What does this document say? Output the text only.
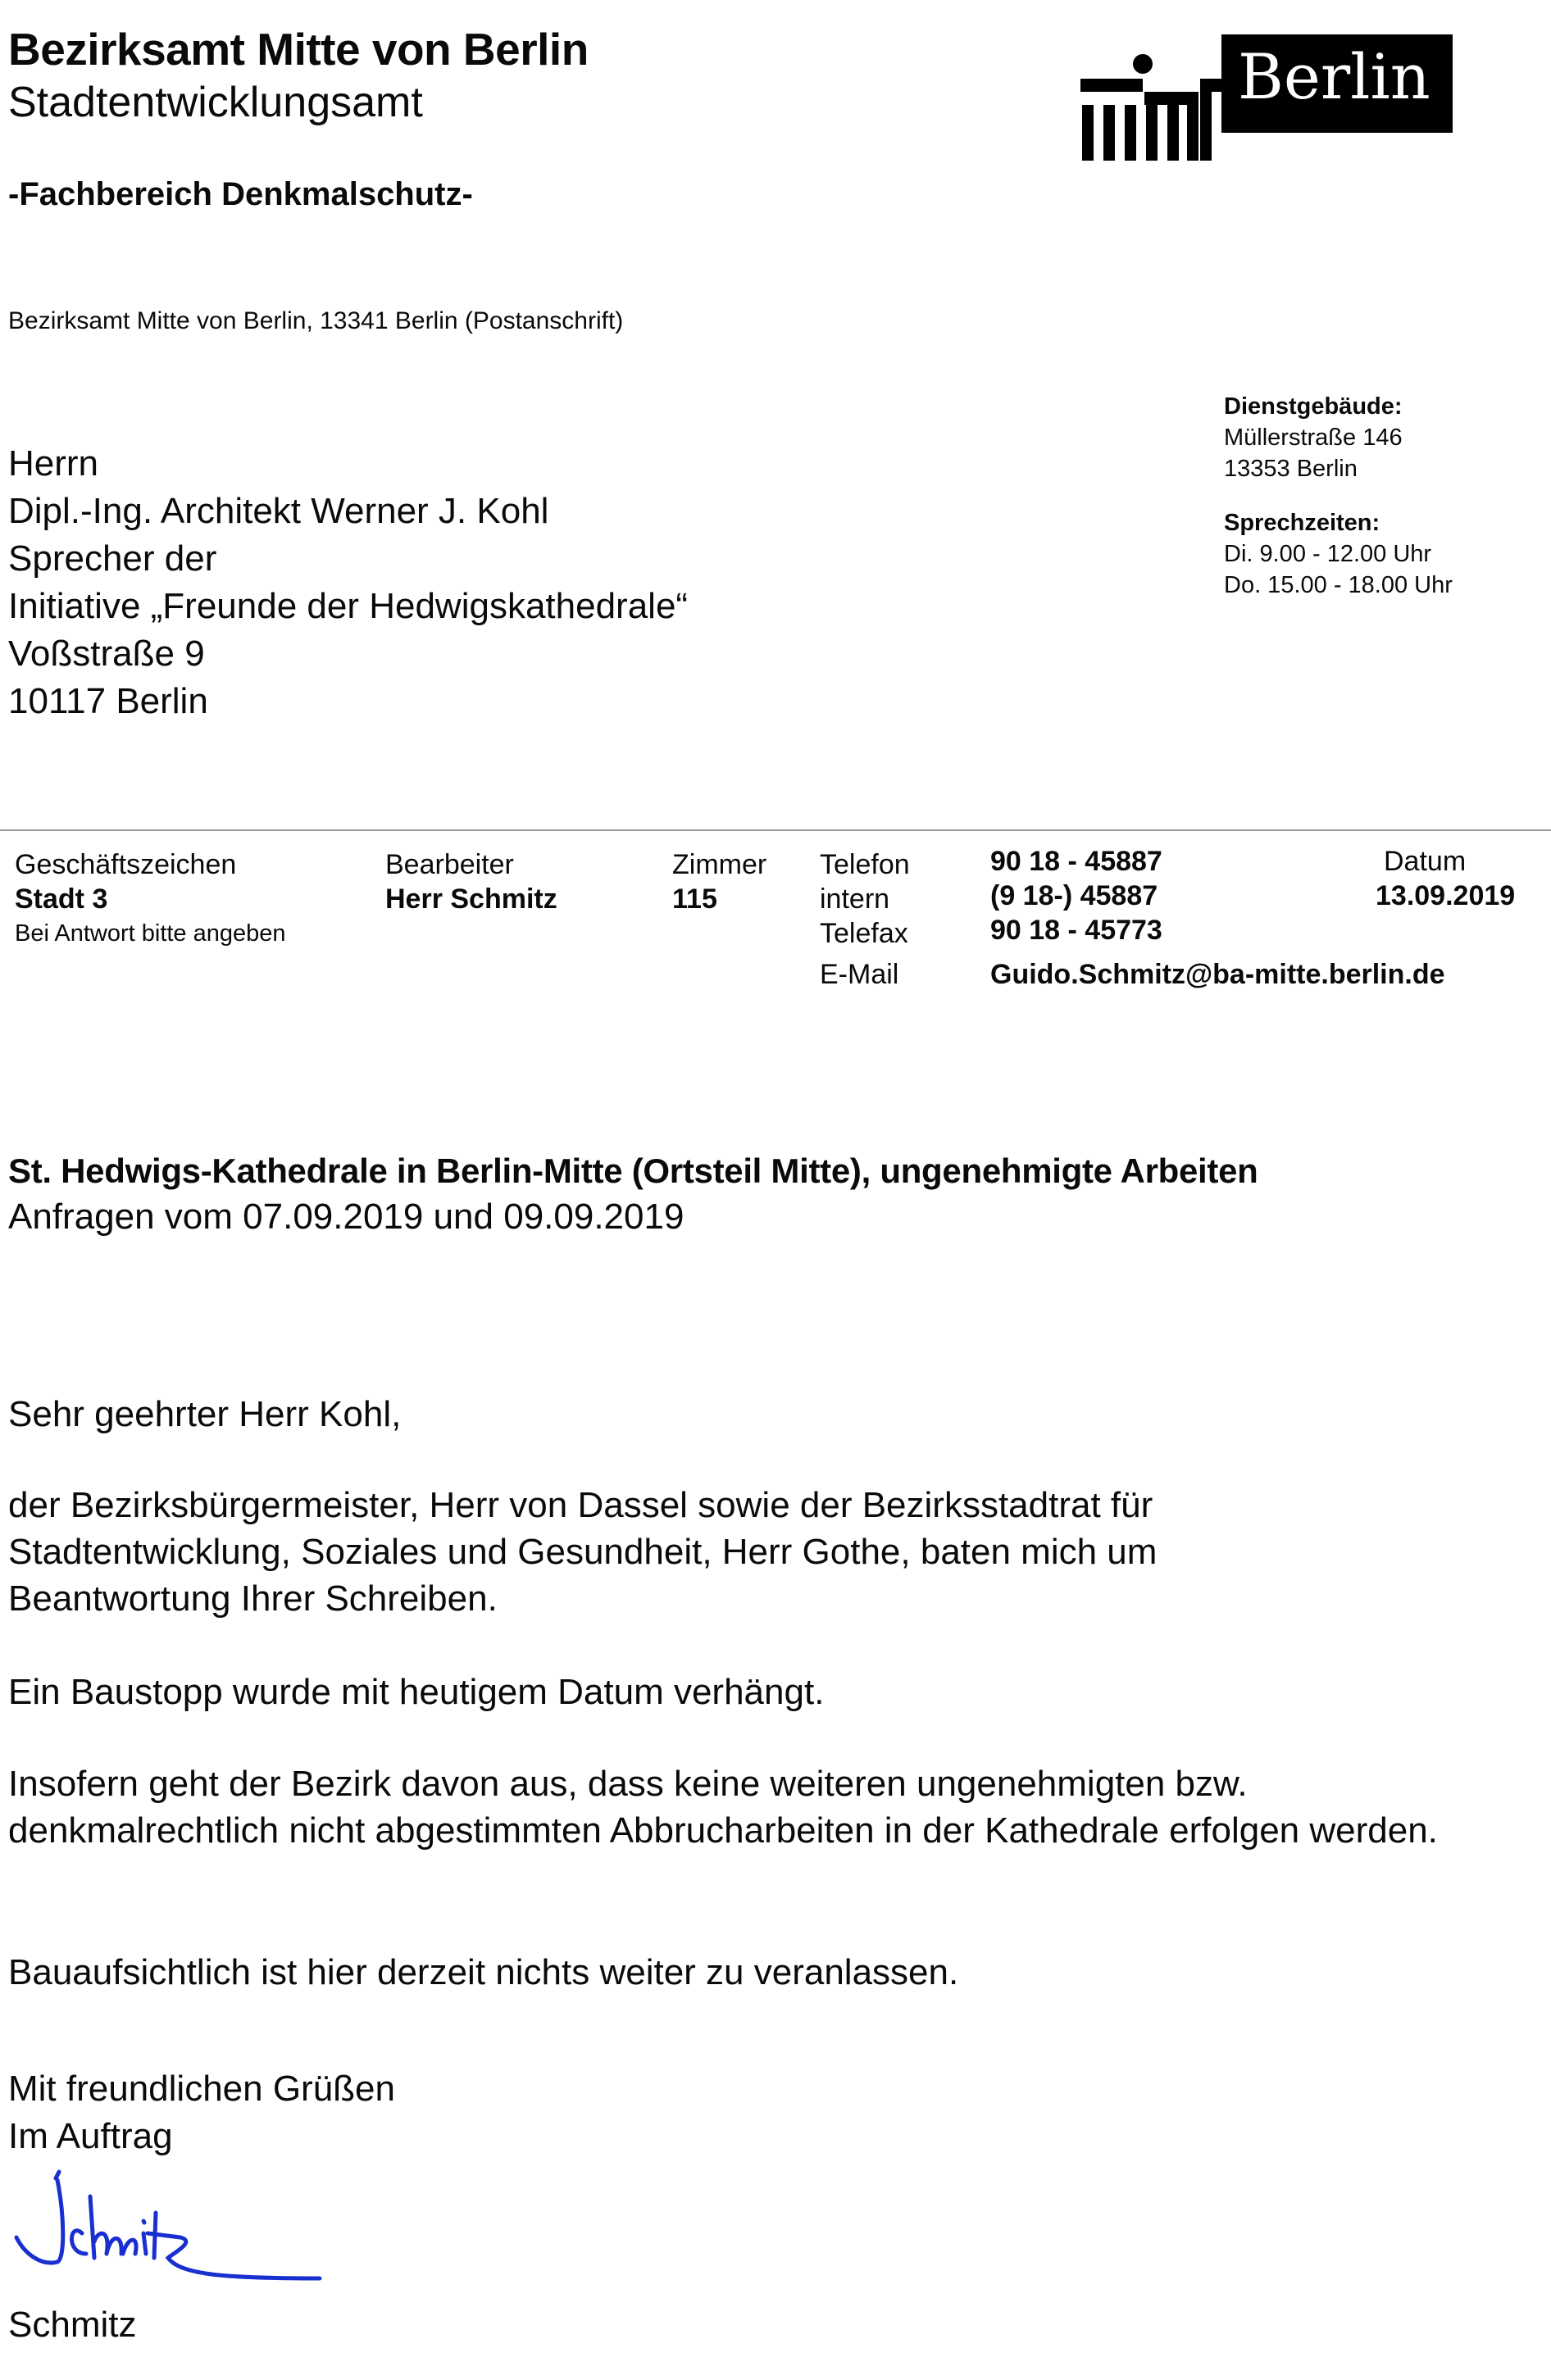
Bezirksamt Mitte von Berlin
Stadtentwicklungsamt
-Fachbereich Denkmalschutz-
Berlin
Bezirksamt Mitte von Berlin, 13341 Berlin (Postanschrift)
Herrn
Dipl.-Ing. Architekt Werner J. Kohl
Sprecher der
Initiative „Freunde der Hedwigskathedrale“
Voßstraße 9
10117 Berlin
Dienstgebäude:
Müllerstraße 146
13353 Berlin
Sprechzeiten:
Di. 9.00 - 12.00 Uhr
Do. 15.00 - 18.00 Uhr
Geschäftszeichen
Stadt 3
Bei Antwort bitte angeben
Bearbeiter
Herr Schmitz
Zimmer
115
Telefon
intern
Telefax
E-Mail
90 18 - 45887
(9 18-) 45887
90 18 - 45773
Guido.Schmitz@ba-mitte.berlin.de
Datum
13.09.2019
St. Hedwigs-Kathedrale in Berlin-Mitte (Ortsteil Mitte), ungenehmigte Arbeiten
Anfragen vom 07.09.2019 und 09.09.2019
Sehr geehrter Herr Kohl,
der Bezirksbürgermeister, Herr von Dassel sowie der Bezirksstadtrat für Stadtentwicklung, Soziales und Gesundheit, Herr Gothe, baten mich um Beantwortung Ihrer Schreiben.
Ein Baustopp wurde mit heutigem Datum verhängt.
Insofern geht der Bezirk davon aus, dass keine weiteren ungenehmigten bzw. denkmalrechtlich nicht abgestimmten Abbrucharbeiten in der Kathedrale erfolgen werden.
Bauaufsichtlich ist hier derzeit nichts weiter zu veranlassen.
Mit freundlichen Grüßen
Im Auftrag
Schmitz
